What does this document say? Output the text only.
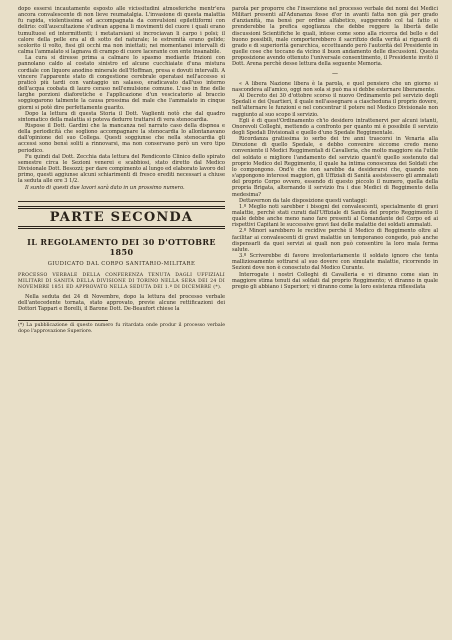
dopo essersi incautamente esposto alle vicissitudini atmosferiche mentr'era ancora convalescente di non lieve reumatalgia. L'invasione di questa malattia fu rapida, violentissima ed accompagnata da convulsioni epilettiformi con delirio: coll'auscultazione s'udivan appena li movimenti del cuore i quali erano tumultuosi ed intermittenti; i metatarsiani si incrociavan li carpo i polsi; il calore della pelle era al di sotto del naturale; le estremità erano gelide; scolorito il volto, fissi gli occhi ma non iniettati; nei momentanei intervalli di calma l'ammalato si lagnava di crampo di cuore lacerante con ente insanabile.

La cura si diresse prima a calmare lo spasmo mediante frizioni con pannolano caldo al costato sinistro ed alcune cucchiaiate d'una mistura cordiale con liquore anodino minerale dell'Hoffman, presa e dovuti intervalli. A vincere l'apparente stato di congestione cerebrale operatasi nell'accesso si praticò più tardi con vantaggio un salasso, eradicavato dall'uso interno dell'acqua coobata di lauro ceraso nell'emulsione comune. L'uso in fine delle larghe porzioni diaforetiche e l'applicazione d'un vescicatorio al braccio soggiogarono talmente la causa prossima del male che l'ammalato in cinque giorni si potè dire perfettamente guarito.

Dopo la lettura di questa Storia il Dott. Vaglienti notò che dal quadro sintomatico della malattia si poteva dedurre trattarsi di vera stenocardia.

Rispose il Dott. Gardini che la mancanza nel narrato caso della dispnea e della periodicità che sogliono accompagnare la stenocardia lo allontanavano dall'opinione del suo Collega. Questi soggiunse che nella stenocardia gli accessi sono bensì soliti a rinnovarsi, ma non conservano però un vero tipo periodico.

Fu quindi dal Dott. Zecchia data lettura del Rendiconto Clinico dello spirato semestre circa le Sezioni venerei e scabbiosi, stato diretto dal Medico Divisionale Dott. Besozzi; per dare compimento al lungo ed elaborato lavoro del primo, questi aggiunse alcuni schiarimenti di fresco erediti necessari a chiuse la seduta alle ore 3 1/2.

Il sunto di questi due lavori sarà dato in un prossimo numero.

PARTE SECONDA
IL REGOLAMENTO DEI 30 D'OTTOBRE 1850
GIUDICATO DAL CORPO SANITARIO-MILITARE
PROCESSO VERBALE DELLA CONFERENZA TENUTA DAGLI UFFIZIALI MILITARI DI SANITÀ DELLA DIVISIONE DI TORINO NELLA SERA DEI 24 DI NOVEMBRE 1851 ED APPROVATO NELLA SEDUTA DEI 1.º DI DICEMBRE (*).

Nella seduta dei 24 di Novembre, dopo la lettura del processo verbale dell'antecedente tornata, stato approvato, previe alcune rettificazioni dei Dottori Tappari e Borelli, il Barone Dott. De-Beaufort chiese la

(*) La pubblicazione di questo numero fu ritardata onde produr il processo verbale dopo l'approvazione Superiore.

parola per proporre che l'inserzione nel processo verbale dei nomi dei Medici Militari presenti all'Adunanza fosse d'or in avanti fatta non già per grado d'anzianità, ma bensì per ordine alfabetico, suggerendo col tal fatto si prenderebbe la prefica egoglianza che debbe reggere la libertà delle discussioni Scientifiche le quali, intese come sono alla ricerca del bello e del buono possibili, male comporterebbero il sacrifizio della verità ai riguardi di grado e di superiorità gerarchica, eccettuando però l'autorità del Presidente in quelle cose che toccano da vicino il buon andamento delle discussioni. Questa proposizione avendo ottenuto l'universale consentimento, il Presidente invitò il Dott. Arena perchè desse lettura della seguente Memoria.

—

« A libera Nazione libera è la parola, e quel pensiero che un giorno si nascondeva all'amico, oggi non sola si può ma si debbe esternare liberamente.

Al Decreto dei 30 d'ottobre scorso il nuovo Ordinamento pel servizio degli Spedali e dei Quartieri, il quale nell'assegnare a ciascheduna il proprio dovere, nell'alternare le funzioni e nel concentrar il potere nel Medico Divisionale non raggiunto al suo scopo il servizio.

Egli è di quest'Ordinamento ch'io desidero intrattenervi per alcuni istanti, Onorevoli Colleghi, mettendo a confronto per quanto mi è possibile il servizio degli Spedali Divisionali e quello d'uno Spedale Reggimentale.

Ricordanza gratissima io serbo dei tre anni trascorsi in Venaria alla Direzione di quello Spedale, e debbo convenire siccome credo meno conveniente il Medici Reggimentali di Cavalleria, che molto maggiore sia l'utile del soldato e migliore l'andamento del servizio quant'è quello sostenuto dal proprio Medico del Reggimento, il quale ha intima conoscenza dei Soldati che lo compongono. Ond'è che non sarebbe da desiderarsi che, quando non s'appongono interessi maggiori, gli Uffiziali di Sanità assistessero gli ammalati del proprio Corpo ovvero, essendo di questo piccolo il numero, quella della propria Brigata, alternando il servizio fra i due Medici di Reggimento della medesima?

Dettavernon da tale disposizione questi vantaggi:

1.º Meglio noti sarebber i bisogni dei convalescenti, specialmente di gravi malattie, perchè stati curati dall'Uffiziale di Sanità del proprio Reggimento il quale debbe anche meno nano fare presenti al Comandante del Corpo ed ai rispettivi Capitani le successive gravi fasi delle malattie dei soldati ammalati.

2.º Minori sarebbero le recidive perchè il Medico di Reggimento oltre al facilitar ai convalescenti di gravi malattie un temporaneo congedo, può anche dispensarli da quei servizi ai quali non può consentire la loro mala ferma salute.

3.º Scriverebbe di favore involontariamente il soldato ignoro che tenta malliziosamente sottrarsi al suo dovere con simulate malattie, ricorrendo in Sezioni dove non è conosciuto dal Medico Curante.

Interrogate i nostri Colleghi di Cavalleria e vi diranno come sian in maggiore stima tenuti dai soldati dal proprio Reggimento; vi diranno in quale pregio gli abbiano i Superiori; vi diranno come la loro esistenza riflessilata
